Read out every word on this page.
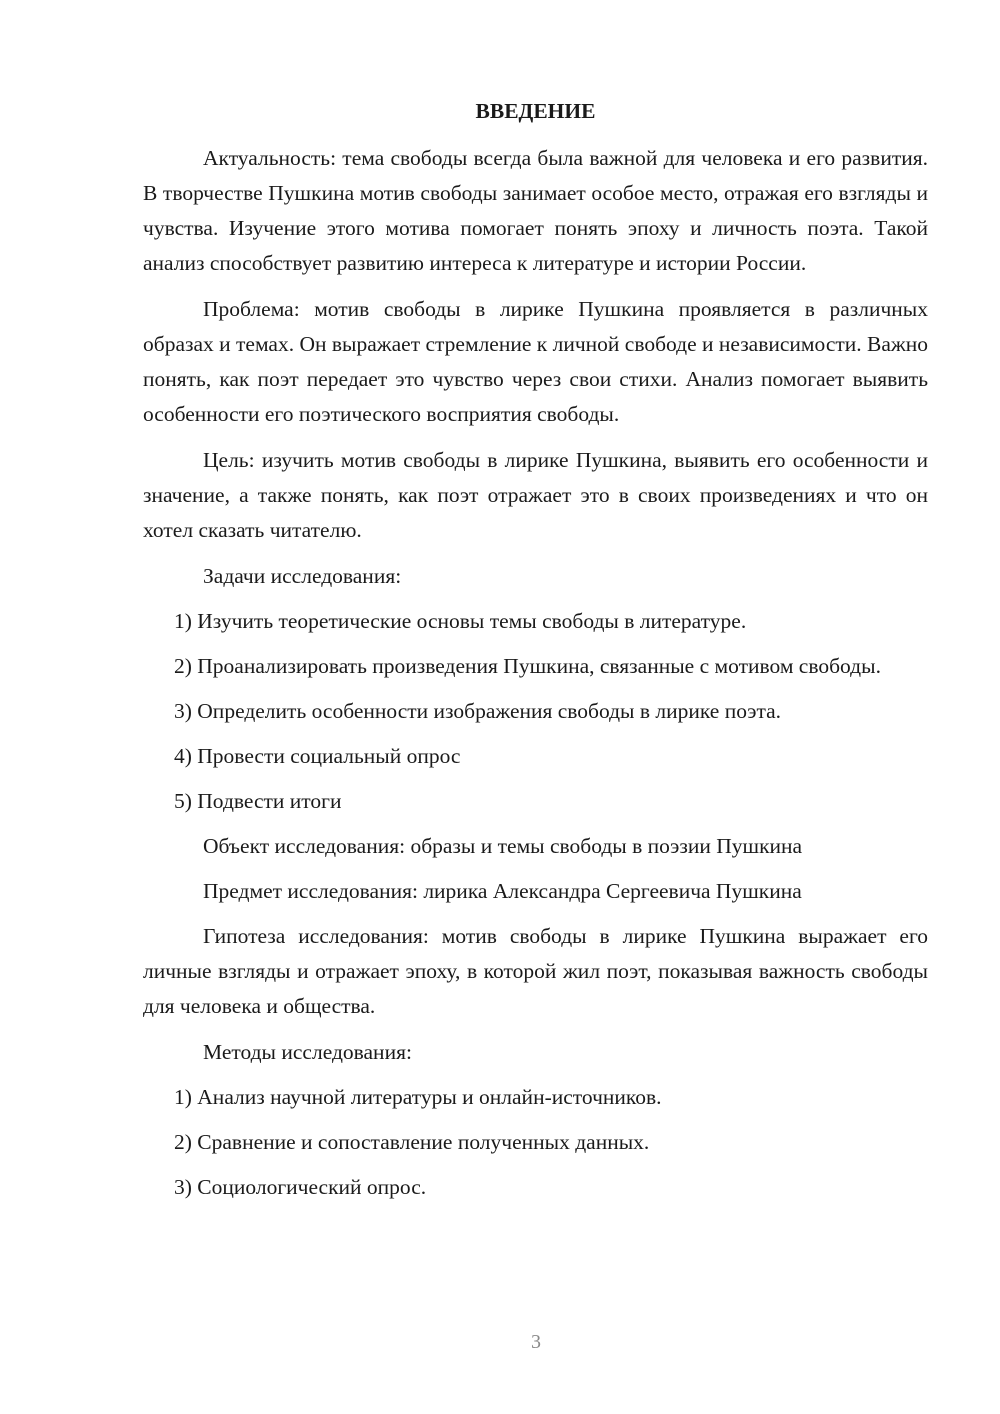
ВВЕДЕНИЕ

Актуальность: тема свободы всегда была важной для человека и его развития. В творчестве Пушкина мотив свободы занимает особое место, отражая его взгляды и чувства. Изучение этого мотива помогает понять эпоху и личность поэта. Такой анализ способствует развитию интереса к литературе и истории России.

Проблема: мотив свободы в лирике Пушкина проявляется в различных образах и темах. Он выражает стремление к личной свободе и независимости. Важно понять, как поэт передает это чувство через свои стихи. Анализ помогает выявить особенности его поэтического восприятия свободы.

Цель: изучить мотив свободы в лирике Пушкина, выявить его особенности и значение, а также понять, как поэт отражает это в своих произведениях и что он хотел сказать читателю.

Задачи исследования:

1) Изучить теоретические основы темы свободы в литературе.

2) Проанализировать произведения Пушкина, связанные с мотивом свободы.

3) Определить особенности изображения свободы в лирике поэта.

4) Провести социальный опрос

5) Подвести итоги

Объект исследования: образы и темы свободы в поэзии Пушкина

Предмет исследования: лирика Александра Сергеевича Пушкина

Гипотеза исследования: мотив свободы в лирике Пушкина выражает его личные взгляды и отражает эпоху, в которой жил поэт, показывая важность свободы для человека и общества.

Методы исследования:

1) Анализ научной литературы и онлайн-источников.

2) Сравнение и сопоставление полученных данных.

3) Социологический опрос.

3
